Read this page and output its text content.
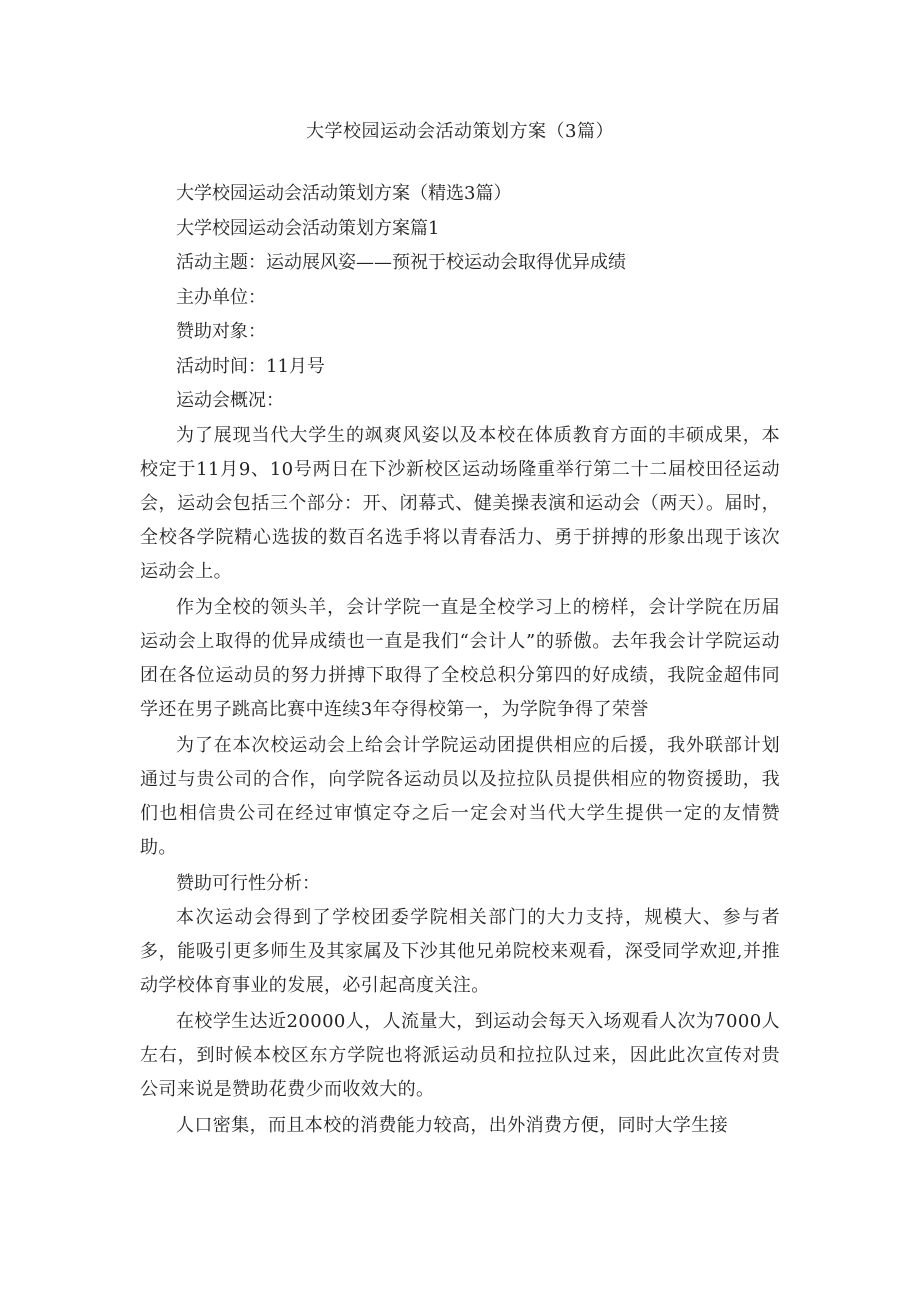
大学校园运动会活动策划方案（3篇）

大学校园运动会活动策划方案（精选3篇）

大学校园运动会活动策划方案篇1

活动主题：运动展风姿——预祝于校运动会取得优异成绩

主办单位：

赞助对象：

活动时间：11月号

运动会概况：

为了展现当代大学生的飒爽风姿以及本校在体质教育方面的丰硕成果，本校定于11月9、10号两日在下沙新校区运动场隆重举行第二十二届校田径运动会，运动会包括三个部分：开、闭幕式、健美操表演和运动会（两天）。届时，全校各学院精心选拔的数百名选手将以青春活力、勇于拼搏的形象出现于该次运动会上。

作为全校的领头羊，会计学院一直是全校学习上的榜样，会计学院在历届运动会上取得的优异成绩也一直是我们“会计人”的骄傲。去年我会计学院运动团在各位运动员的努力拼搏下取得了全校总积分第四的好成绩，我院金超伟同学还在男子跳高比赛中连续3年夺得校第一，为学院争得了荣誉

为了在本次校运动会上给会计学院运动团提供相应的后援，我外联部计划通过与贵公司的合作，向学院各运动员以及拉拉队员提供相应的物资援助，我们也相信贵公司在经过审慎定夺之后一定会对当代大学生提供一定的友情赞助。

赞助可行性分析：

本次运动会得到了学校团委学院相关部门的大力支持，规模大、参与者多，能吸引更多师生及其家属及下沙其他兄弟院校来观看，深受同学欢迎,并推动学校体育事业的发展，必引起高度关注。

在校学生达近20000人，人流量大，到运动会每天入场观看人次为7000人左右，到时候本校区东方学院也将派运动员和拉拉队过来，因此此次宣传对贵公司来说是赞助花费少而收效大的。

人口密集，而且本校的消费能力较高，出外消费方便，同时大学生接
